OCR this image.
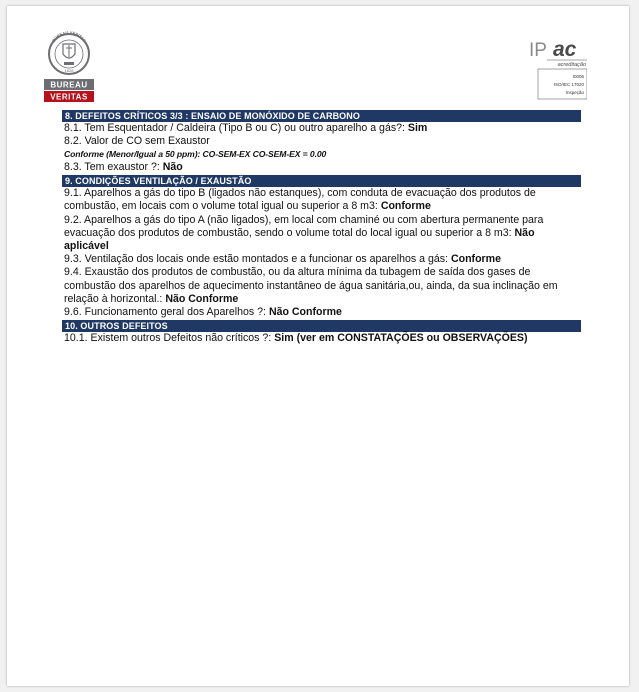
BUREAU VERITAS
1828
BUREAU
VERITAS
IP ac
acreditação
I0006
ISO/IEC 17020
Inspeção
8. DEFEITOS CRÍTICOS 3/3 : ENSAIO DE MONÓXIDO DE CARBONO
8.1. Tem Esquentador / Caldeira (Tipo B ou C) ou outro aparelho a gás?: Sim
8.2. Valor de CO sem Exaustor
Conforme (Menor/Igual a 50 ppm): CO-SEM-EX CO-SEM-EX = 0.00
8.3. Tem exaustor ?: Não
9. CONDIÇÕES VENTILAÇÃO / EXAUSTÃO
9.1. Aparelhos a gás do tipo B (ligados não estanques), com conduta de evacuação dos produtos de combustão, em locais com o volume total igual ou superior a 8 m3: Conforme
9.2. Aparelhos a gás do tipo A (não ligados), em local com chaminé ou com abertura permanente para evacuação dos produtos de combustão, sendo o volume total do local igual ou superior a 8 m3: Não aplicável
9.3. Ventilação dos locais onde estão montados e a funcionar os aparelhos a gás: Conforme
9.4. Exaustão dos produtos de combustão, ou da altura mínima da tubagem de saída dos gases de combustão dos aparelhos de aquecimento instantâneo de água sanitária,ou, ainda, da sua inclinação em relação à horizontal.: Não Conforme
9.6. Funcionamento geral dos Aparelhos ?: Não Conforme
10. OUTROS DEFEITOS
10.1. Existem outros Defeitos não críticos ?: Sim (ver em CONSTATAÇÕES ou OBSERVAÇÕES)
